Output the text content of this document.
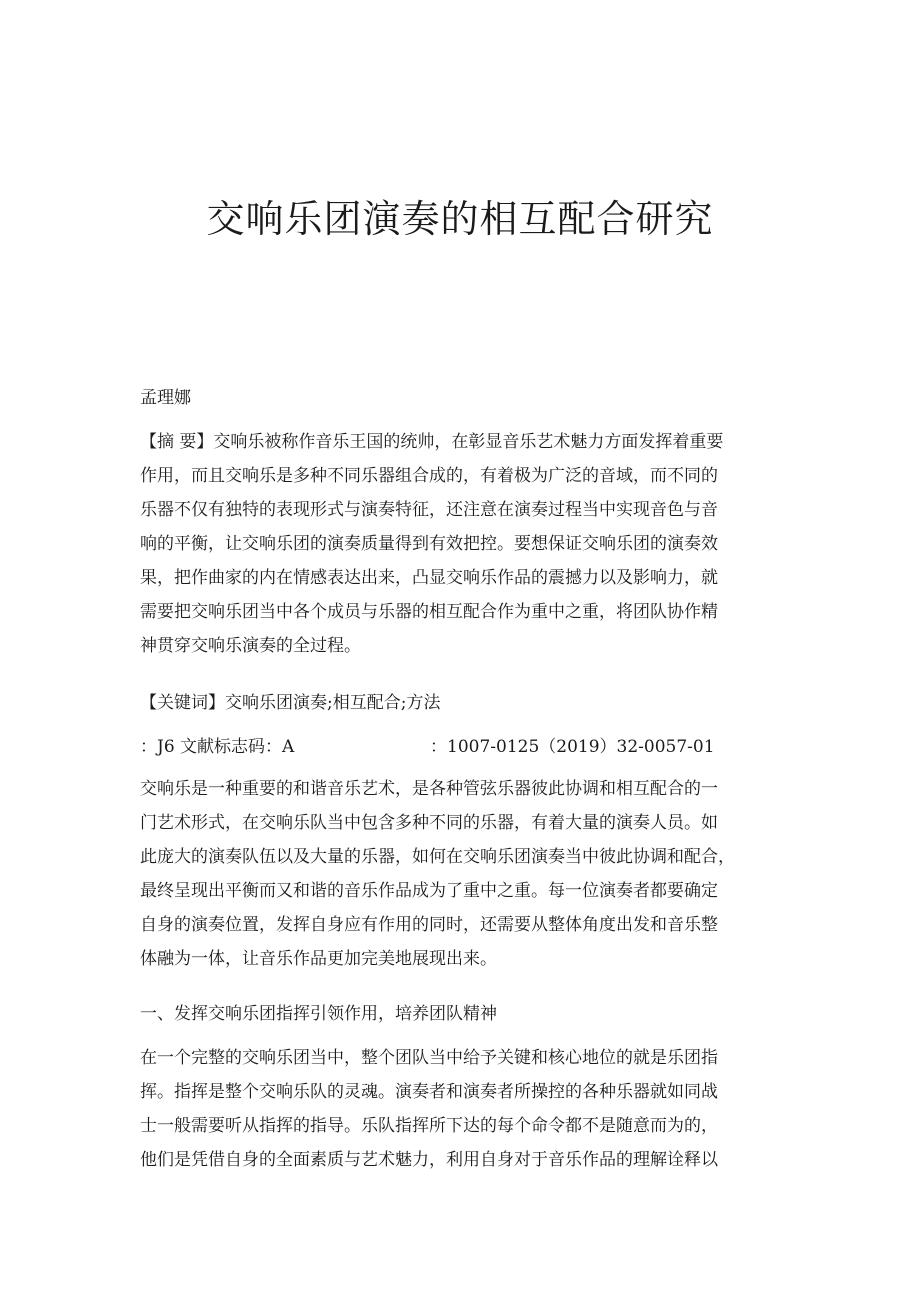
交响乐团演奏的相互配合研究
孟理娜
【摘 要】交响乐被称作音乐王国的统帅，在彰显音乐艺术魅力方面发挥着重要
作用，而且交响乐是多种不同乐器组合成的，有着极为广泛的音域，而不同的
乐器不仅有独特的表现形式与演奏特征，还注意在演奏过程当中实现音色与音
响的平衡，让交响乐团的演奏质量得到有效把控。要想保证交响乐团的演奏效
果，把作曲家的内在情感表达出来，凸显交响乐作品的震撼力以及影响力，就
需要把交响乐团当中各个成员与乐器的相互配合作为重中之重，将团队协作精
神贯穿交响乐演奏的全过程。
【关键词】交响乐团演奏;相互配合;方法
：J6 文献标志码：A	：1007-0125（2019）32-0057-01
交响乐是一种重要的和谐音乐艺术，是各种管弦乐器彼此协调和相互配合的一
门艺术形式，在交响乐队当中包含多种不同的乐器，有着大量的演奏人员。如
此庞大的演奏队伍以及大量的乐器，如何在交响乐团演奏当中彼此协调和配合，
最终呈现出平衡而又和谐的音乐作品成为了重中之重。每一位演奏者都要确定
自身的演奏位置，发挥自身应有作用的同时，还需要从整体角度出发和音乐整
体融为一体，让音乐作品更加完美地展现出来。
一、发挥交响乐团指挥引领作用，培养团队精神
在一个完整的交响乐团当中，整个团队当中给予关键和核心地位的就是乐团指
挥。指挥是整个交响乐队的灵魂。演奏者和演奏者所操控的各种乐器就如同战
士一般需要听从指挥的指导。乐队指挥所下达的每个命令都不是随意而为的，
他们是凭借自身的全面素质与艺术魅力，利用自身对于音乐作品的理解诠释以
